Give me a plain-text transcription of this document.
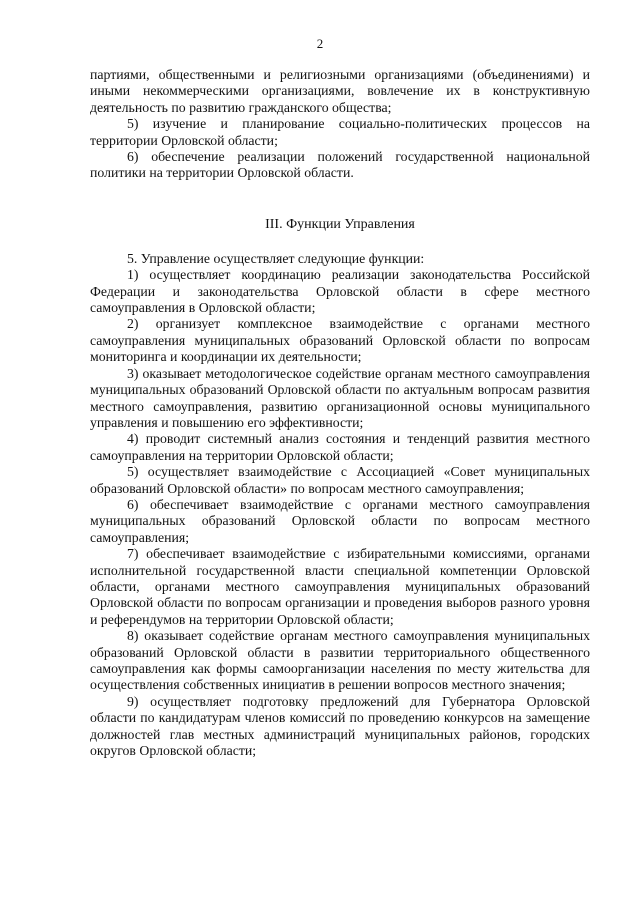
2

партиями, общественными и религиозными организациями (объединениями) и иными некоммерческими организациями, вовлечение их в конструктивную деятельность по развитию гражданского общества;

5) изучение и планирование социально-политических процессов на территории Орловской области;

6) обеспечение реализации положений государственной национальной политики на территории Орловской области.

III. Функции Управления

5. Управление осуществляет следующие функции:

1) осуществляет координацию реализации законодательства Российской Федерации и законодательства Орловской области в сфере местного самоуправления в Орловской области;

2) организует комплексное взаимодействие с органами местного самоуправления муниципальных образований Орловской области по вопросам мониторинга и координации их деятельности;

3) оказывает методологическое содействие органам местного самоуправления муниципальных образований Орловской области по актуальным вопросам развития местного самоуправления, развитию организационной основы муниципального управления и повышению его эффективности;

4) проводит системный анализ состояния и тенденций развития местного самоуправления на территории Орловской области;

5) осуществляет взаимодействие с Ассоциацией «Совет муниципальных образований Орловской области» по вопросам местного самоуправления;

6) обеспечивает взаимодействие с органами местного самоуправления муниципальных образований Орловской области по вопросам местного самоуправления;

7) обеспечивает взаимодействие с избирательными комиссиями, органами исполнительной государственной власти специальной компетенции Орловской области, органами местного самоуправления муниципальных образований Орловской области по вопросам организации и проведения выборов разного уровня и референдумов на территории Орловской области;

8) оказывает содействие органам местного самоуправления муниципальных образований Орловской области в развитии территориального общественного самоуправления как формы самоорганизации населения по месту жительства для осуществления собственных инициатив в решении вопросов местного значения;

9) осуществляет подготовку предложений для Губернатора Орловской области по кандидатурам членов комиссий по проведению конкурсов на замещение должностей глав местных администраций муниципальных районов, городских округов Орловской области;
